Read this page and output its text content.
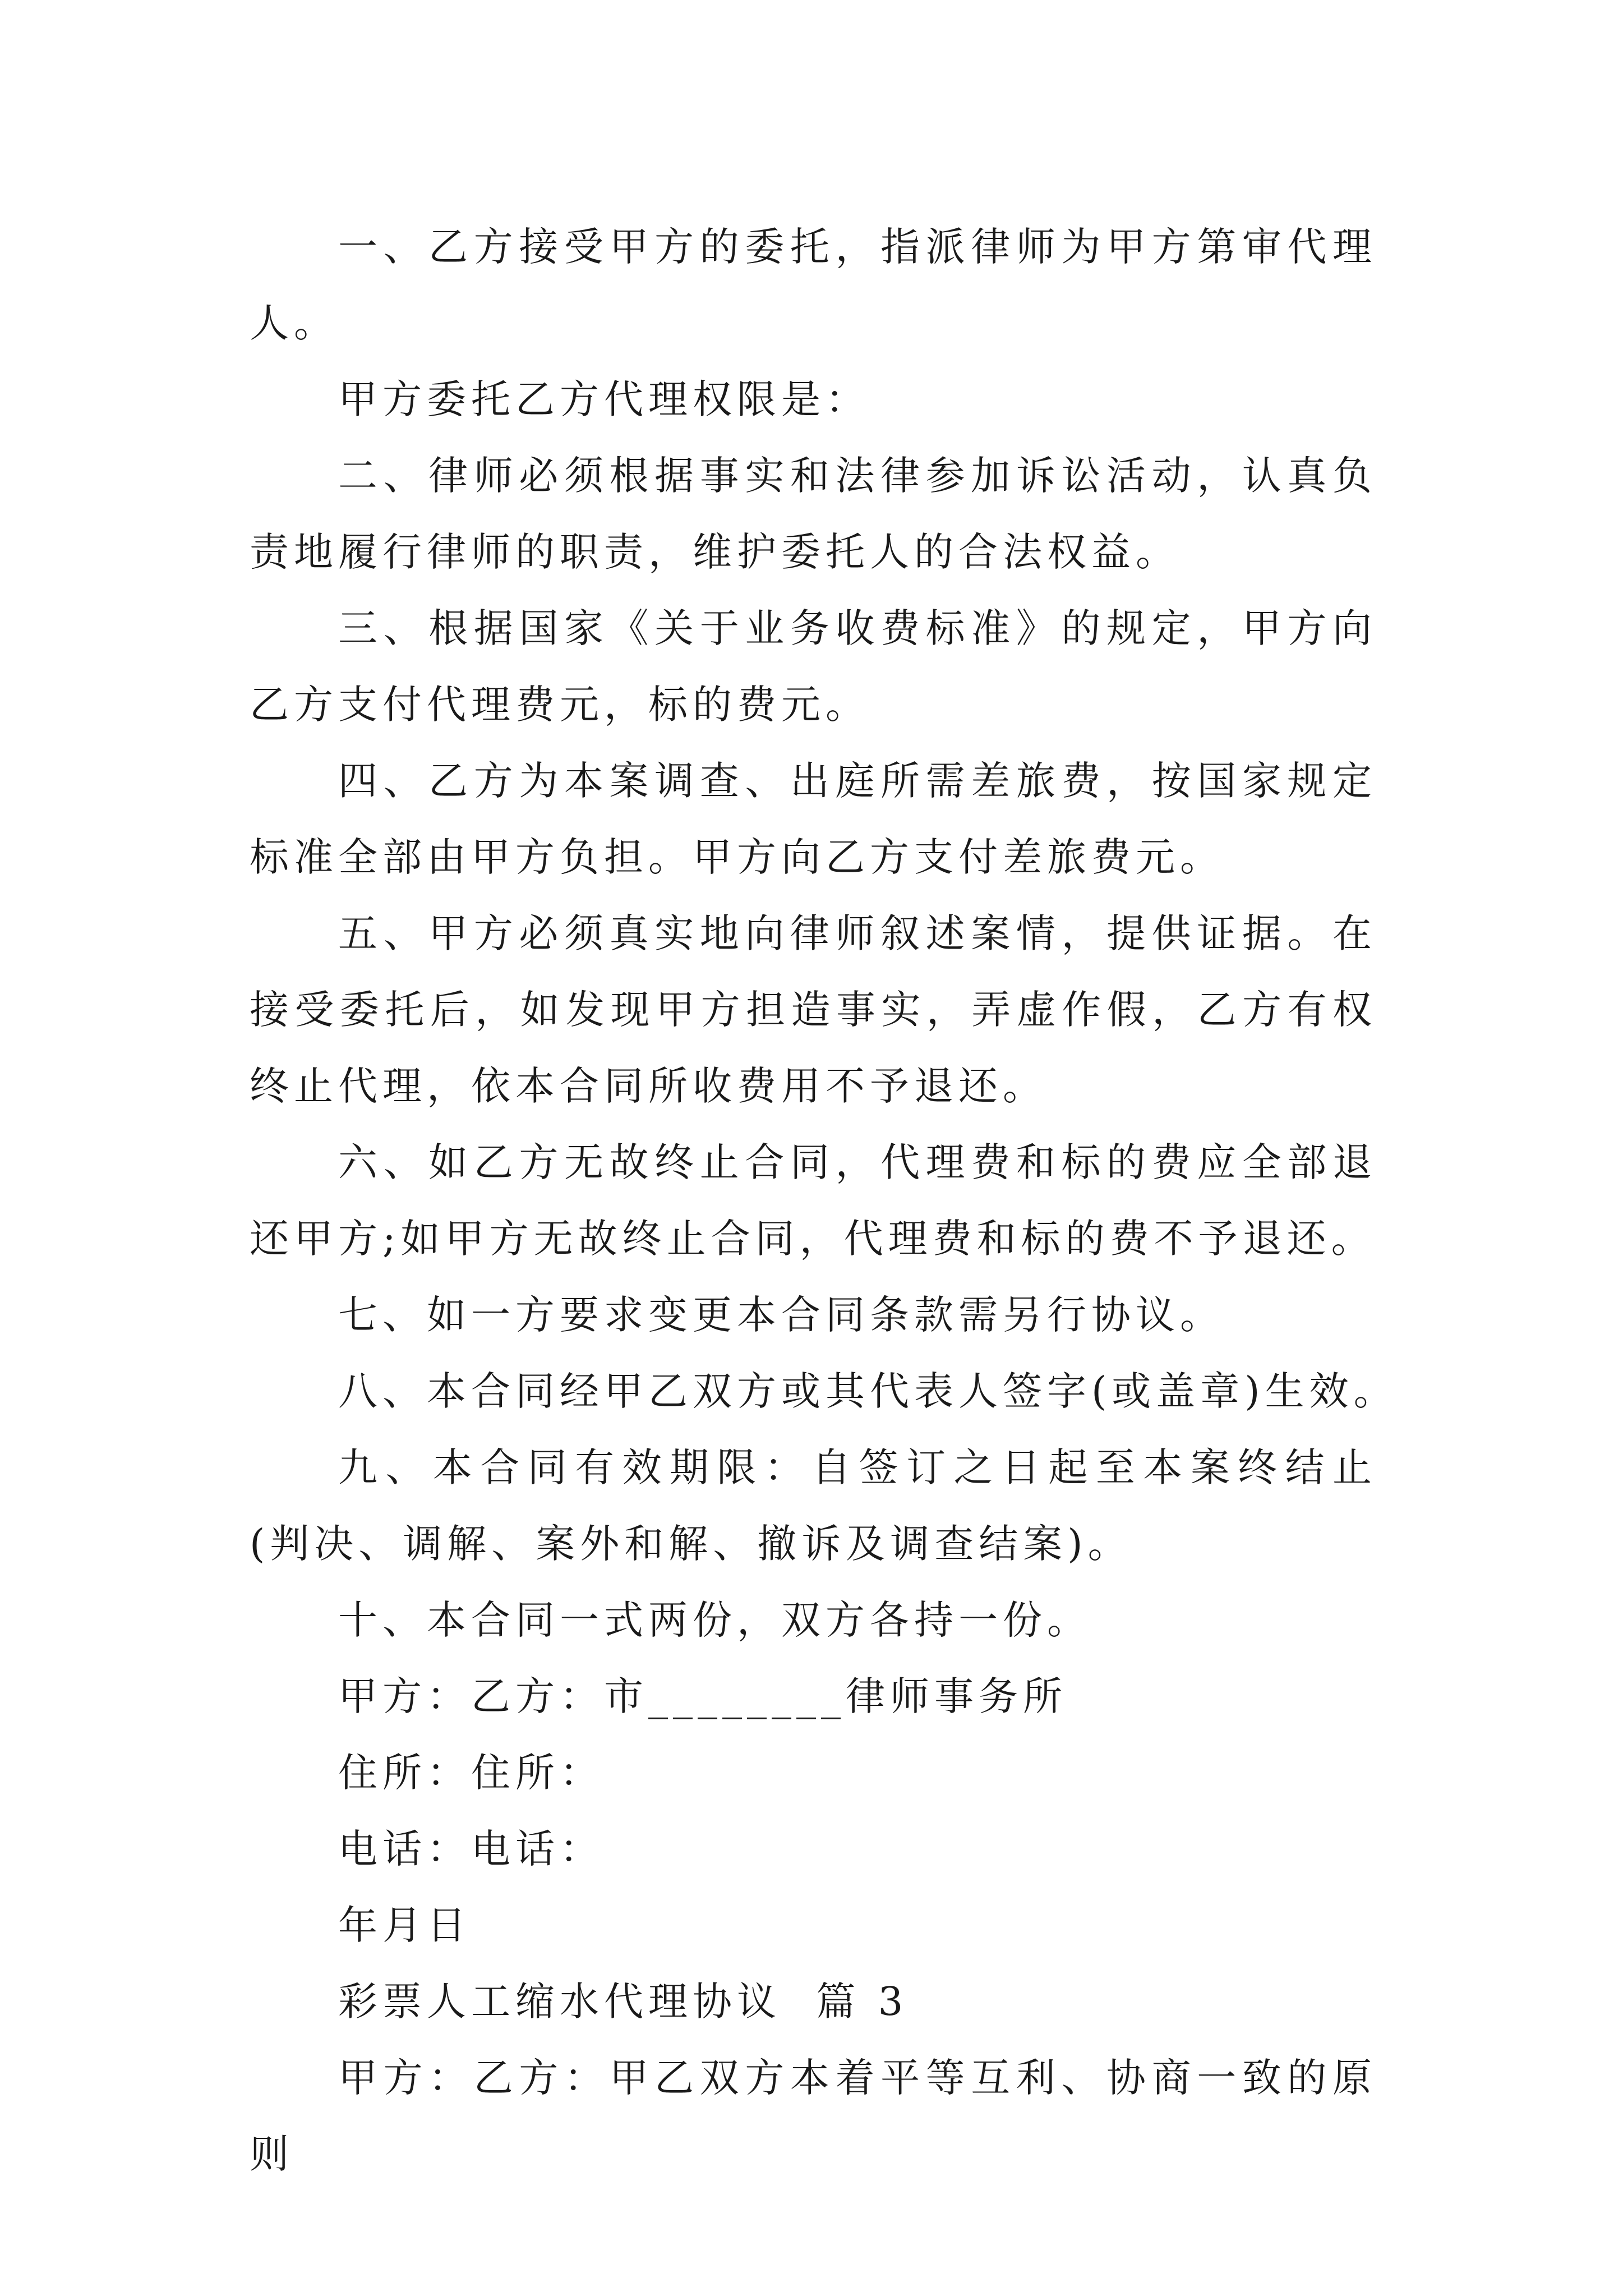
一、乙方接受甲方的委托，指派律师为甲方第审代理人。

甲方委托乙方代理权限是：

二、律师必须根据事实和法律参加诉讼活动，认真负责地履行律师的职责，维护委托人的合法权益。

三、根据国家《关于业务收费标准》的规定，甲方向乙方支付代理费元，标的费元。

四、乙方为本案调查、出庭所需差旅费，按国家规定标准全部由甲方负担。甲方向乙方支付差旅费元。

五、甲方必须真实地向律师叙述案情，提供证据。在接受委托后，如发现甲方担造事实，弄虚作假，乙方有权终止代理，依本合同所收费用不予退还。

六、如乙方无故终止合同，代理费和标的费应全部退还甲方;如甲方无故终止合同，代理费和标的费不予退还。

七、如一方要求变更本合同条款需另行协议。

八、本合同经甲乙双方或其代表人签字(或盖章)生效。

九、本合同有效期限：自签订之日起至本案终结止(判决、调解、案外和解、撤诉及调查结案)。

十、本合同一式两份，双方各持一份。

甲方：乙方：市________律师事务所

住所：住所：

电话：电话：

年月日

彩票人工缩水代理协议  篇 3

甲方：乙方：甲乙双方本着平等互利、协商一致的原则
